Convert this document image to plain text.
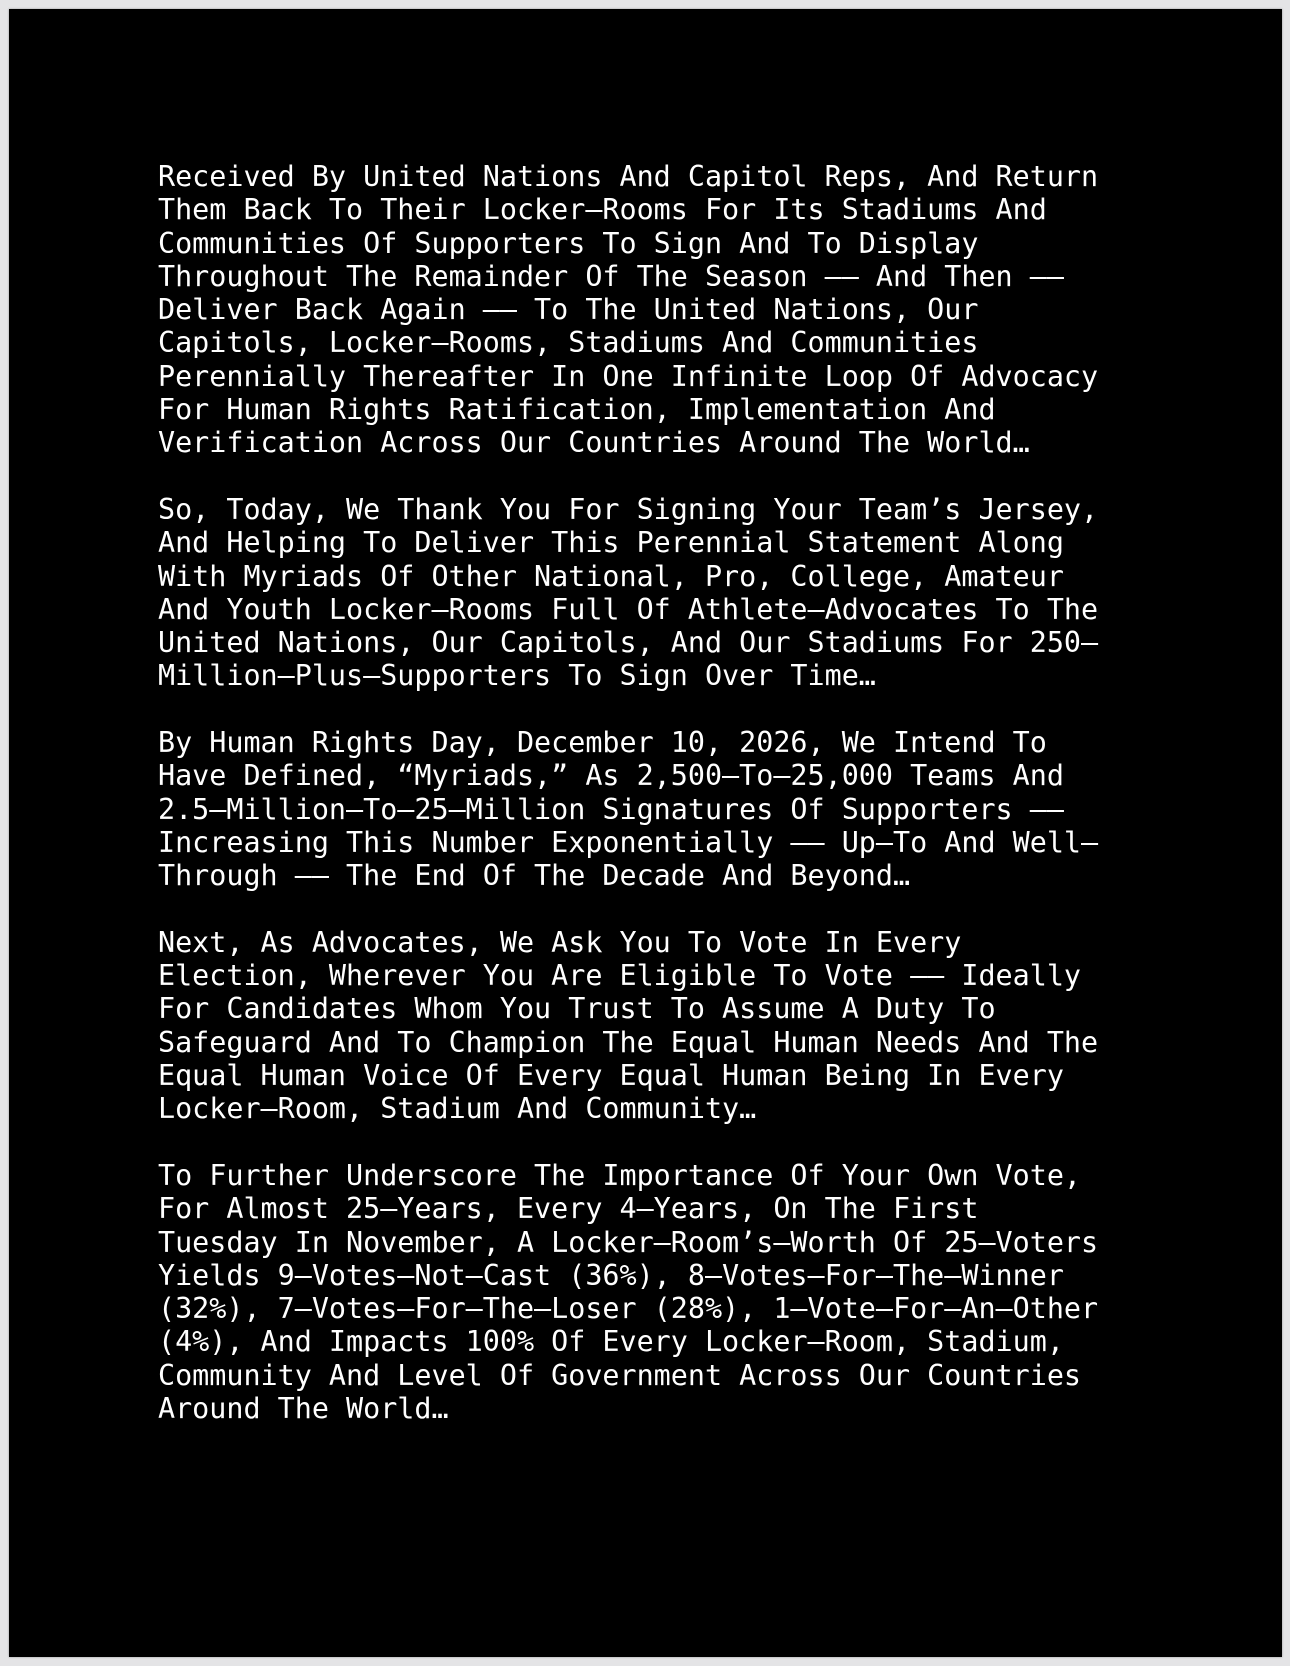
Received By United Nations And Capitol Reps, And Return
Them Back To Their Locker–Rooms For Its Stadiums And
Communities Of Supporters To Sign And To Display
Throughout The Remainder Of The Season –– And Then ––
Deliver Back Again –– To The United Nations, Our
Capitols, Locker–Rooms, Stadiums And Communities
Perennially Thereafter In One Infinite Loop Of Advocacy
For Human Rights Ratification, Implementation And
Verification Across Our Countries Around The World…

So, Today, We Thank You For Signing Your Team’s Jersey,
And Helping To Deliver This Perennial Statement Along
With Myriads Of Other National, Pro, College, Amateur
And Youth Locker–Rooms Full Of Athlete–Advocates To The
United Nations, Our Capitols, And Our Stadiums For 250–
Million–Plus–Supporters To Sign Over Time…

By Human Rights Day, December 10, 2026, We Intend To
Have Defined, “Myriads,” As 2,500–To–25,000 Teams And
2.5–Million–To–25–Million Signatures Of Supporters ––
Increasing This Number Exponentially –– Up–To And Well–
Through –– The End Of The Decade And Beyond…

Next, As Advocates, We Ask You To Vote In Every
Election, Wherever You Are Eligible To Vote –– Ideally
For Candidates Whom You Trust To Assume A Duty To
Safeguard And To Champion The Equal Human Needs And The
Equal Human Voice Of Every Equal Human Being In Every
Locker–Room, Stadium And Community…

To Further Underscore The Importance Of Your Own Vote,
For Almost 25–Years, Every 4–Years, On The First
Tuesday In November, A Locker–Room’s–Worth Of 25–Voters
Yields 9–Votes–Not–Cast (36%), 8–Votes–For–The–Winner
(32%), 7–Votes–For–The–Loser (28%), 1–Vote–For–An–Other
(4%), And Impacts 100% Of Every Locker–Room, Stadium,
Community And Level Of Government Across Our Countries
Around The World…
